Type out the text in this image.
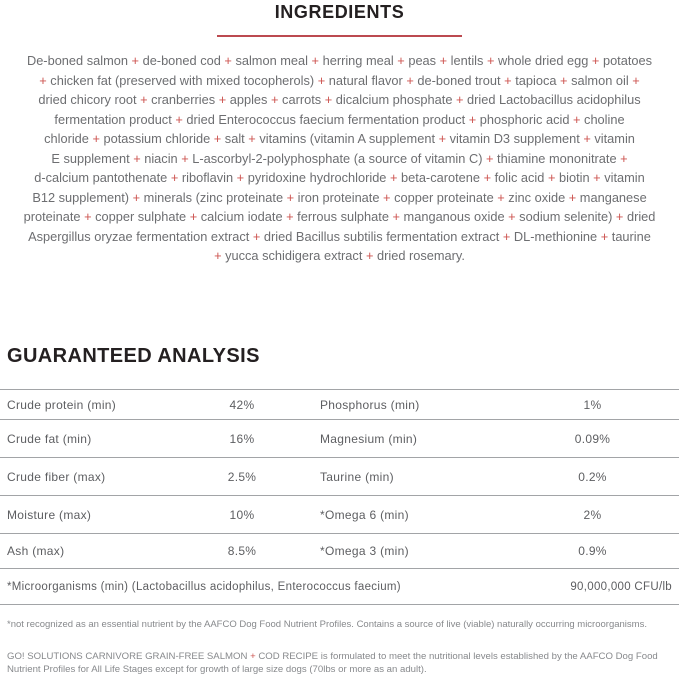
INGREDIENTS
De-boned salmon + de-boned cod + salmon meal + herring meal + peas + lentils + whole dried egg + potatoes
+ chicken fat (preserved with mixed tocopherols) + natural flavor + de-boned trout + tapioca + salmon oil +
dried chicory root + cranberries + apples + carrots + dicalcium phosphate + dried Lactobacillus acidophilus
fermentation product + dried Enterococcus faecium fermentation product + phosphoric acid + choline
chloride + potassium chloride + salt + vitamins (vitamin A supplement + vitamin D3 supplement + vitamin
E supplement + niacin + L-ascorbyl-2-polyphosphate (a source of vitamin C) + thiamine mononitrate +
d-calcium pantothenate + riboflavin + pyridoxine hydrochloride + beta-carotene + folic acid + biotin + vitamin
B12 supplement) + minerals (zinc proteinate + iron proteinate + copper proteinate + zinc oxide + manganese
proteinate + copper sulphate + calcium iodate + ferrous sulphate + manganous oxide + sodium selenite) + dried
Aspergillus oryzae fermentation extract + dried Bacillus subtilis fermentation extract + DL-methionine + taurine
+ yucca schidigera extract + dried rosemary.
GUARANTEED ANALYSIS
Crude protein (min)	42%	Phosphorus (min)	1%
Crude fat (min)	16%	Magnesium (min)	0.09%
Crude fiber (max)	2.5%	Taurine (min)	0.2%
Moisture (max)	10%	*Omega 6 (min)	2%
Ash (max)	8.5%	*Omega 3 (min)	0.9%
*Microorganisms (min) (Lactobacillus acidophilus, Enterococcus faecium)	90,000,000 CFU/lb
*not recognized as an essential nutrient by the AAFCO Dog Food Nutrient Profiles. Contains a source of live (viable) naturally occurring microorganisms.
GO! SOLUTIONS CARNIVORE GRAIN-FREE SALMON + COD RECIPE is formulated to meet the nutritional levels established by the AAFCO Dog Food
Nutrient Profiles for All Life Stages except for growth of large size dogs (70lbs or more as an adult).
